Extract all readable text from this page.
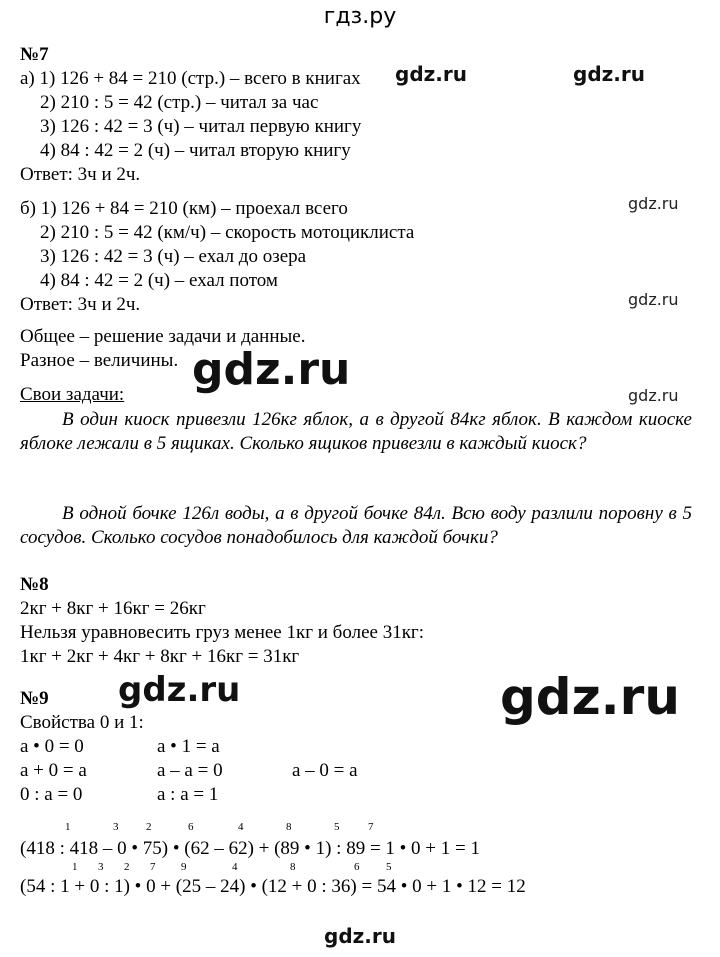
гдз.ру
№7
а) 1) 126 + 84 = 210 (стр.) – всего в книгах
2) 210 : 5 = 42 (стр.) – читал за час
3) 126 : 42 = 3 (ч) – читал первую книгу
4) 84 : 42 = 2 (ч) – читал вторую книгу
Ответ: 3ч и 2ч.
б) 1) 126 + 84 = 210 (км) – проехал всего
2) 210 : 5 = 42 (км/ч) – скорость мотоциклиста
3) 126 : 42 = 3 (ч) – ехал до озера
4) 84 : 42 = 2 (ч) – ехал потом
Ответ: 3ч и 2ч.
Общее – решение задачи и данные.
Разное – величины.
Свои задачи:
В один киоск привезли 126кг яблок, а в другой 84кг яблок. В каждом киоске яблоке лежали в 5 ящиках. Сколько ящиков привезли в каждый киоск?
В одной бочке 126л воды, а в другой бочке 84л. Всю воду разлили поровну в 5 сосудов. Сколько сосудов понадобилось для каждой бочки?
№8
2кг + 8кг + 16кг = 26кг
Нельзя уравновесить груз менее 1кг и более 31кг:
1кг + 2кг + 4кг + 8кг + 16кг = 31кг
№9
Свойства 0 и 1:
a • 0 = 0	a • 1 = a
a + 0 = a	a – a = 0	a – 0 = a
0 : a = 0	a : a = 1
1	3	2	6	4	8	5	7
(418 : 418 – 0 • 75) • (62 – 62) + (89 • 1) : 89 = 1 • 0 + 1 = 1
1 3 2 7 9	4	8	6 5
(54 : 1 + 0 : 1) • 0 + (25 – 24) • (12 + 0 : 36) = 54 • 0 + 1 • 12 = 12
gdz.ru	gdz.ru
gdz.ru
gdz.ru
gdz.ru
gdz.ru
gdz.ru	gdz.ru
gdz.ru
